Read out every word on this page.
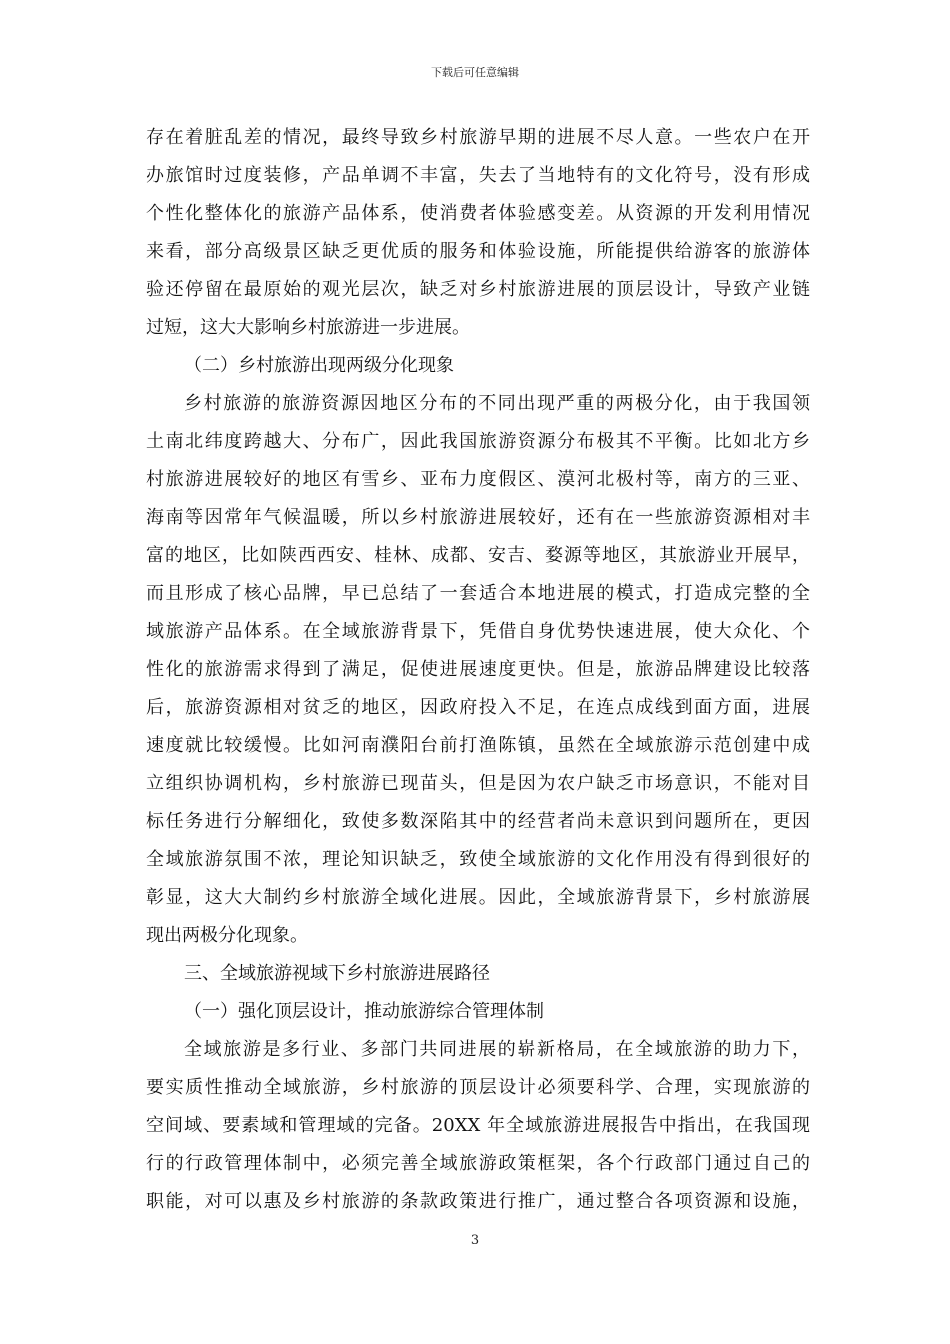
下载后可任意编辑
存在着脏乱差的情况，最终导致乡村旅游早期的进展不尽人意。一些农户在开
办旅馆时过度装修，产品单调不丰富，失去了当地特有的文化符号，没有形成
个性化整体化的旅游产品体系，使消费者体验感变差。从资源的开发利用情况
来看，部分高级景区缺乏更优质的服务和体验设施，所能提供给游客的旅游体
验还停留在最原始的观光层次，缺乏对乡村旅游进展的顶层设计，导致产业链
过短，这大大影响乡村旅游进一步进展。
（二）乡村旅游出现两级分化现象
乡村旅游的旅游资源因地区分布的不同出现严重的两极分化，由于我国领
土南北纬度跨越大、分布广，因此我国旅游资源分布极其不平衡。比如北方乡
村旅游进展较好的地区有雪乡、亚布力度假区、漠河北极村等，南方的三亚、
海南等因常年气候温暖，所以乡村旅游进展较好，还有在一些旅游资源相对丰
富的地区，比如陕西西安、桂林、成都、安吉、婺源等地区，其旅游业开展早，
而且形成了核心品牌，早已总结了一套适合本地进展的模式，打造成完整的全
域旅游产品体系。在全域旅游背景下，凭借自身优势快速进展，使大众化、个
性化的旅游需求得到了满足，促使进展速度更快。但是，旅游品牌建设比较落
后，旅游资源相对贫乏的地区，因政府投入不足，在连点成线到面方面，进展
速度就比较缓慢。比如河南濮阳台前打渔陈镇，虽然在全域旅游示范创建中成
立组织协调机构，乡村旅游已现苗头，但是因为农户缺乏市场意识，不能对目
标任务进行分解细化，致使多数深陷其中的经营者尚未意识到问题所在，更因
全域旅游氛围不浓，理论知识缺乏，致使全域旅游的文化作用没有得到很好的
彰显，这大大制约乡村旅游全域化进展。因此，全域旅游背景下，乡村旅游展
现出两极分化现象。
三、全域旅游视域下乡村旅游进展路径
（一）强化顶层设计，推动旅游综合管理体制
全域旅游是多行业、多部门共同进展的崭新格局，在全域旅游的助力下，
要实质性推动全域旅游，乡村旅游的顶层设计必须要科学、合理，实现旅游的
空间域、要素域和管理域的完备。20XX 年全域旅游进展报告中指出，在我国现
行的行政管理体制中，必须完善全域旅游政策框架，各个行政部门通过自己的
职能，对可以惠及乡村旅游的条款政策进行推广，通过整合各项资源和设施，
3
